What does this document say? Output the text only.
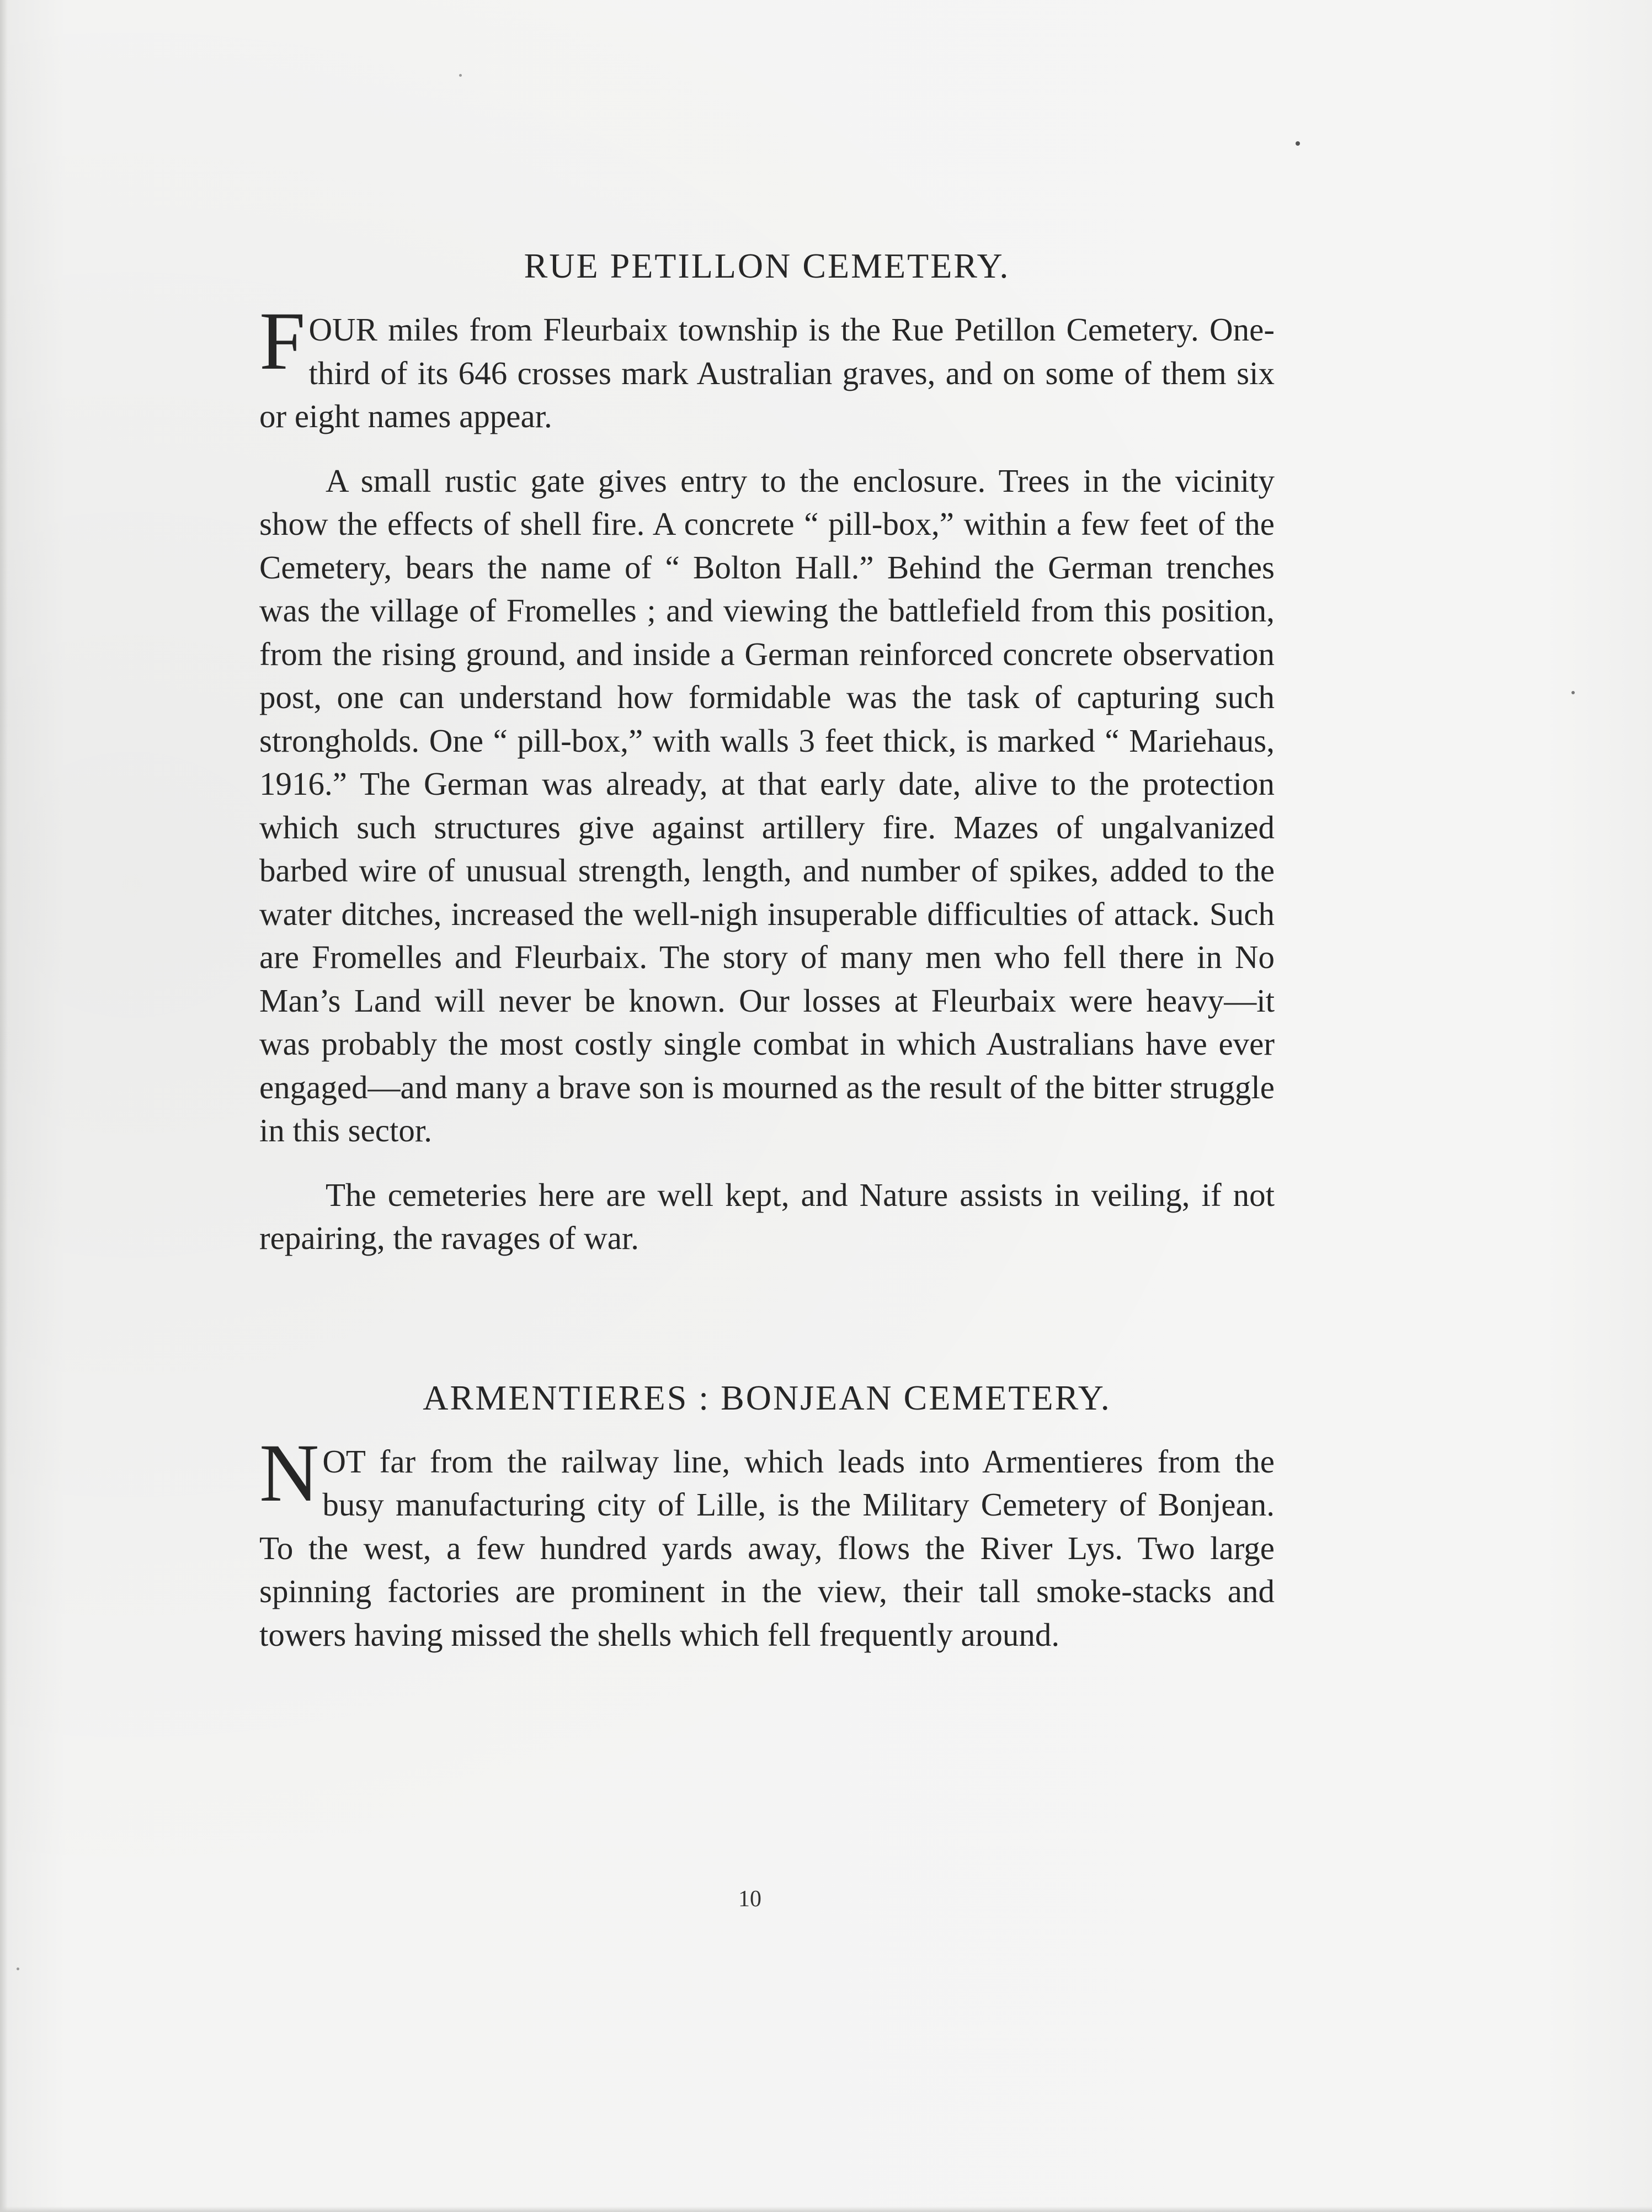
RUE PETILLON CEMETERY.

FOUR miles from Fleurbaix township is the Rue Petillon Cemetery. One-third of its 646 crosses mark Australian graves, and on some of them six or eight names appear.

A small rustic gate gives entry to the enclosure. Trees in the vicinity show the effects of shell fire. A concrete “ pill-box,” within a few feet of the Cemetery, bears the name of “ Bolton Hall.” Behind the German trenches was the village of Fromelles ; and viewing the battlefield from this position, from the rising ground, and inside a German reinforced concrete observation post, one can understand how formidable was the task of capturing such strongholds. One “ pill-box,” with walls 3 feet thick, is marked “ Mariehaus, 1916.” The German was already, at that early date, alive to the protection which such structures give against artillery fire. Mazes of ungalvanized barbed wire of unusual strength, length, and number of spikes, added to the water ditches, increased the well-nigh insuperable difficulties of attack. Such are Fromelles and Fleurbaix. The story of many men who fell there in No Man’s Land will never be known. Our losses at Fleurbaix were heavy—it was probably the most costly single combat in which Australians have ever engaged—and many a brave son is mourned as the result of the bitter struggle in this sector.

The cemeteries here are well kept, and Nature assists in veiling, if not repairing, the ravages of war.

ARMENTIERES : BONJEAN CEMETERY.

NOT far from the railway line, which leads into Armentieres from the busy manufacturing city of Lille, is the Military Cemetery of Bonjean. To the west, a few hundred yards away, flows the River Lys. Two large spinning factories are prominent in the view, their tall smoke-stacks and towers having missed the shells which fell frequently around.

10
